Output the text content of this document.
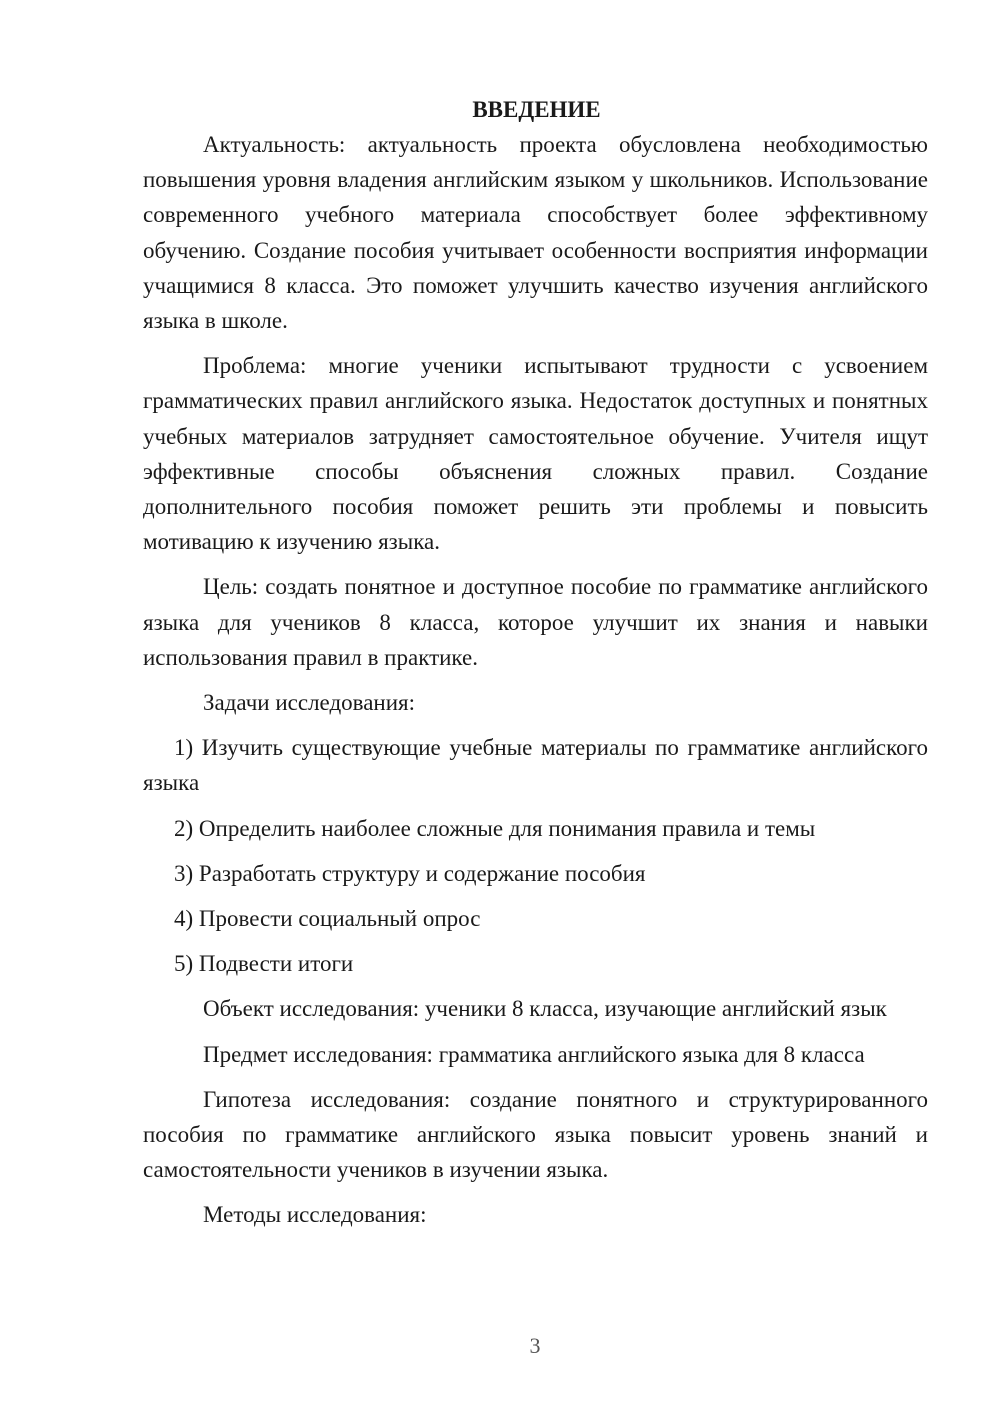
ВВЕДЕНИЕ

Актуальность: актуальность проекта обусловлена необходимостью повышения уровня владения английским языком у школьников. Использование современного учебного материала способствует более эффективному обучению. Создание пособия учитывает особенности восприятия информации учащимися 8 класса. Это поможет улучшить качество изучения английского языка в школе.

Проблема: многие ученики испытывают трудности с усвоением грамматических правил английского языка. Недостаток доступных и понятных учебных материалов затрудняет самостоятельное обучение. Учителя ищут эффективные способы объяснения сложных правил. Создание дополнительного пособия поможет решить эти проблемы и повысить мотивацию к изучению языка.

Цель: создать понятное и доступное пособие по грамматике английского языка для учеников 8 класса, которое улучшит их знания и навыки использования правил в практике.

Задачи исследования:

1) Изучить существующие учебные материалы по грамматике английского языка

2) Определить наиболее сложные для понимания правила и темы

3) Разработать структуру и содержание пособия

4) Провести социальный опрос

5) Подвести итоги

Объект исследования: ученики 8 класса, изучающие английский язык

Предмет исследования: грамматика английского языка для 8 класса

Гипотеза исследования: создание понятного и структурированного пособия по грамматике английского языка повысит уровень знаний и самостоятельности учеников в изучении языка.

Методы исследования:

3
